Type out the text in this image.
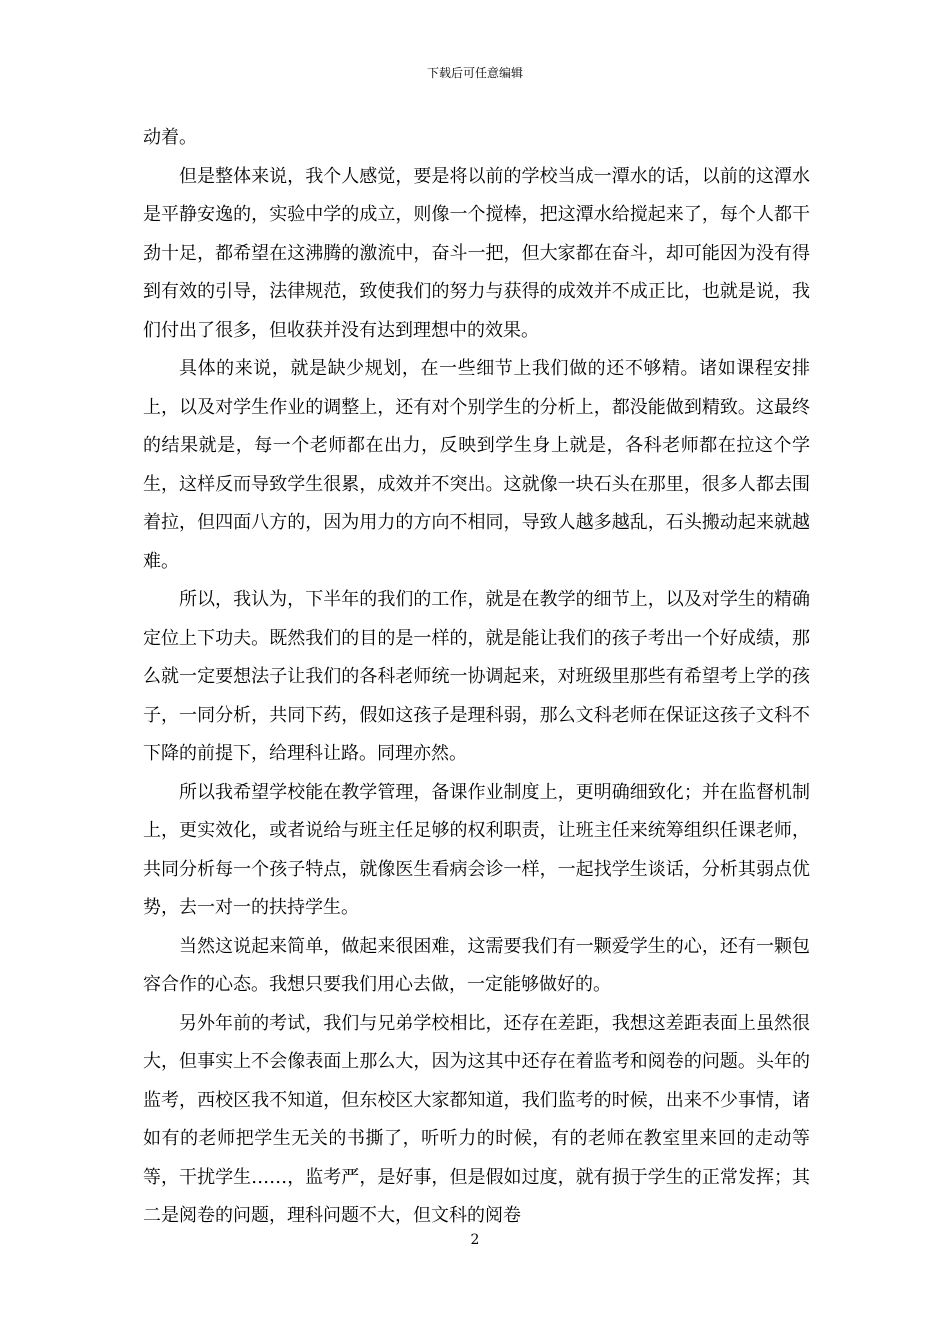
下载后可任意编辑

动着。

但是整体来说，我个人感觉，要是将以前的学校当成一潭水的话，以前的这潭水是平静安逸的，实验中学的成立，则像一个搅棒，把这潭水给搅起来了，每个人都干劲十足，都希望在这沸腾的激流中，奋斗一把，但大家都在奋斗，却可能因为没有得到有效的引导，法律规范，致使我们的努力与获得的成效并不成正比，也就是说，我们付出了很多，但收获并没有达到理想中的效果。

具体的来说，就是缺少规划，在一些细节上我们做的还不够精。诸如课程安排上，以及对学生作业的调整上，还有对个别学生的分析上，都没能做到精致。这最终的结果就是，每一个老师都在出力，反映到学生身上就是，各科老师都在拉这个学生，这样反而导致学生很累，成效并不突出。这就像一块石头在那里，很多人都去围着拉，但四面八方的，因为用力的方向不相同，导致人越多越乱，石头搬动起来就越难。

所以，我认为，下半年的我们的工作，就是在教学的细节上，以及对学生的精确定位上下功夫。既然我们的目的是一样的，就是能让我们的孩子考出一个好成绩，那么就一定要想法子让我们的各科老师统一协调起来，对班级里那些有希望考上学的孩子，一同分析，共同下药，假如这孩子是理科弱，那么文科老师在保证这孩子文科不下降的前提下，给理科让路。同理亦然。

所以我希望学校能在教学管理，备课作业制度上，更明确细致化；并在监督机制上，更实效化，或者说给与班主任足够的权利职责，让班主任来统筹组织任课老师，共同分析每一个孩子特点，就像医生看病会诊一样，一起找学生谈话，分析其弱点优势，去一对一的扶持学生。

当然这说起来简单，做起来很困难，这需要我们有一颗爱学生的心，还有一颗包容合作的心态。我想只要我们用心去做，一定能够做好的。

另外年前的考试，我们与兄弟学校相比，还存在差距，我想这差距表面上虽然很大，但事实上不会像表面上那么大，因为这其中还存在着监考和阅卷的问题。头年的监考，西校区我不知道，但东校区大家都知道，我们监考的时候，出来不少事情，诸如有的老师把学生无关的书撕了，听听力的时候，有的老师在教室里来回的走动等等，干扰学生……，监考严，是好事，但是假如过度，就有损于学生的正常发挥；其二是阅卷的问题，理科问题不大，但文科的阅卷

2
